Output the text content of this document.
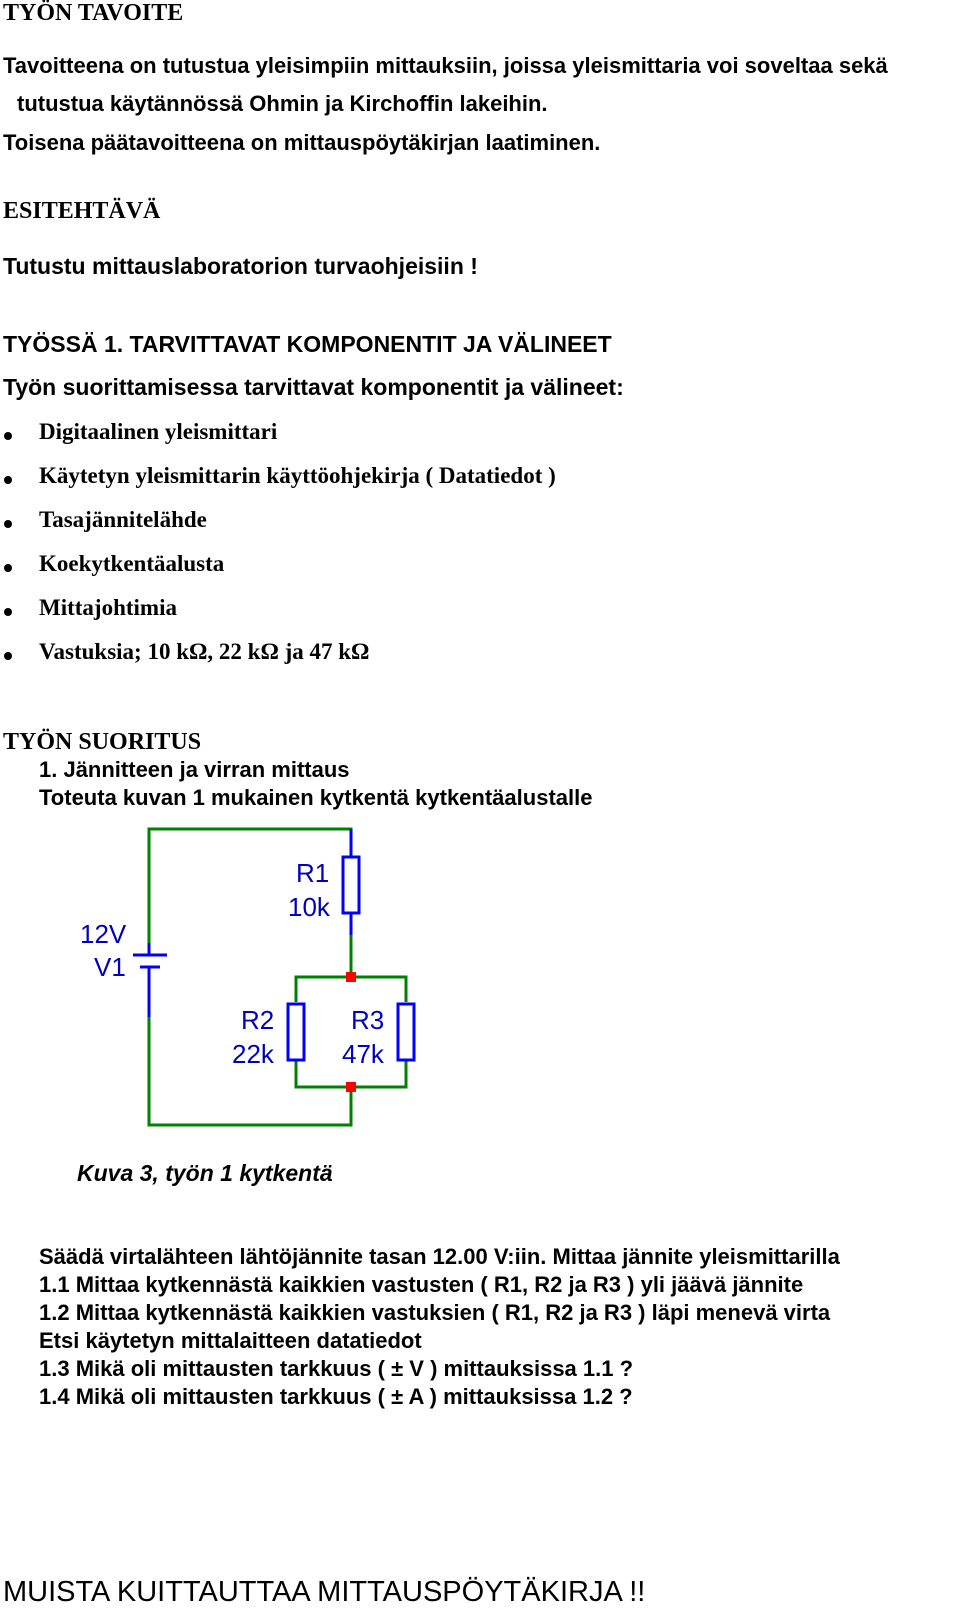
TYÖN TAVOITE
Tavoitteena on tutustua yleisimpiin mittauksiin, joissa yleismittaria voi soveltaa sekä
tutustua käytännössä Ohmin ja Kirchoffin lakeihin.
Toisena päätavoitteena on mittauspöytäkirjan laatiminen.
ESITEHTÄVÄ
Tutustu mittauslaboratorion turvaohjeisiin !
TYÖSSÄ 1. TARVITTAVAT KOMPONENTIT JA VÄLINEET
Työn suorittamisessa tarvittavat komponentit ja välineet:
Digitaalinen yleismittari
Käytetyn yleismittarin käyttöohjekirja ( Datatiedot )
Tasajännitelähde
Koekytkentäalusta
Mittajohtimia
Vastuksia; 10 kΩ, 22 kΩ ja 47 kΩ
TYÖN SUORITUS
1. Jännitteen ja virran mittaus
Toteuta kuvan 1 mukainen kytkentä kytkentäalustalle
12V
V1
R1
10k
R2
22k
R3
47k
Kuva 3, työn 1 kytkentä
Säädä virtalähteen lähtöjännite tasan 12.00 V:iin. Mittaa jännite yleismittarilla
1.1 Mittaa kytkennästä kaikkien vastusten ( R1, R2 ja R3 ) yli jäävä jännite
1.2 Mittaa kytkennästä kaikkien vastuksien ( R1, R2 ja R3 ) läpi menevä virta
Etsi käytetyn mittalaitteen datatiedot
1.3 Mikä oli mittausten tarkkuus ( ± V ) mittauksissa 1.1 ?
1.4 Mikä oli mittausten tarkkuus ( ± A ) mittauksissa 1.2 ?
MUISTA KUITTAUTTAA MITTAUSPÖYTÄKIRJA !!
